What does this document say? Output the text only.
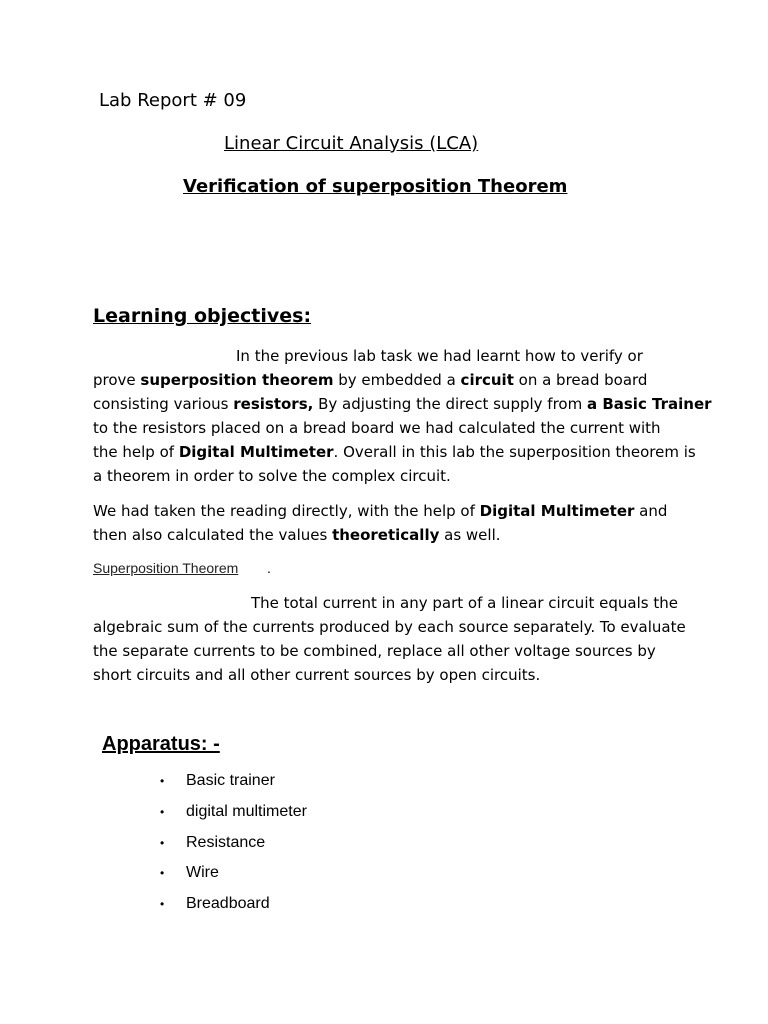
Lab Report # 09
Linear Circuit Analysis (LCA)
Verification of superposition Theorem
Learning objectives:
In the previous lab task we had learnt how to verify or
prove superposition theorem by embedded a circuit on a bread board
consisting various resistors, By adjusting the direct supply from a Basic Trainer
to the resistors placed on a bread board we had calculated the current with
the help of Digital Multimeter. Overall in this lab the superposition theorem is
a theorem in order to solve the complex circuit.
We had taken the reading directly, with the help of Digital Multimeter and
then also calculated the values theoretically as well.
Superposition Theorem .
The total current in any part of a linear circuit equals the
algebraic sum of the currents produced by each source separately. To evaluate
the separate currents to be combined, replace all other voltage sources by
short circuits and all other current sources by open circuits.
Apparatus: -
•	Basic trainer
•	digital multimeter
•	Resistance
•	Wire
•	Breadboard
